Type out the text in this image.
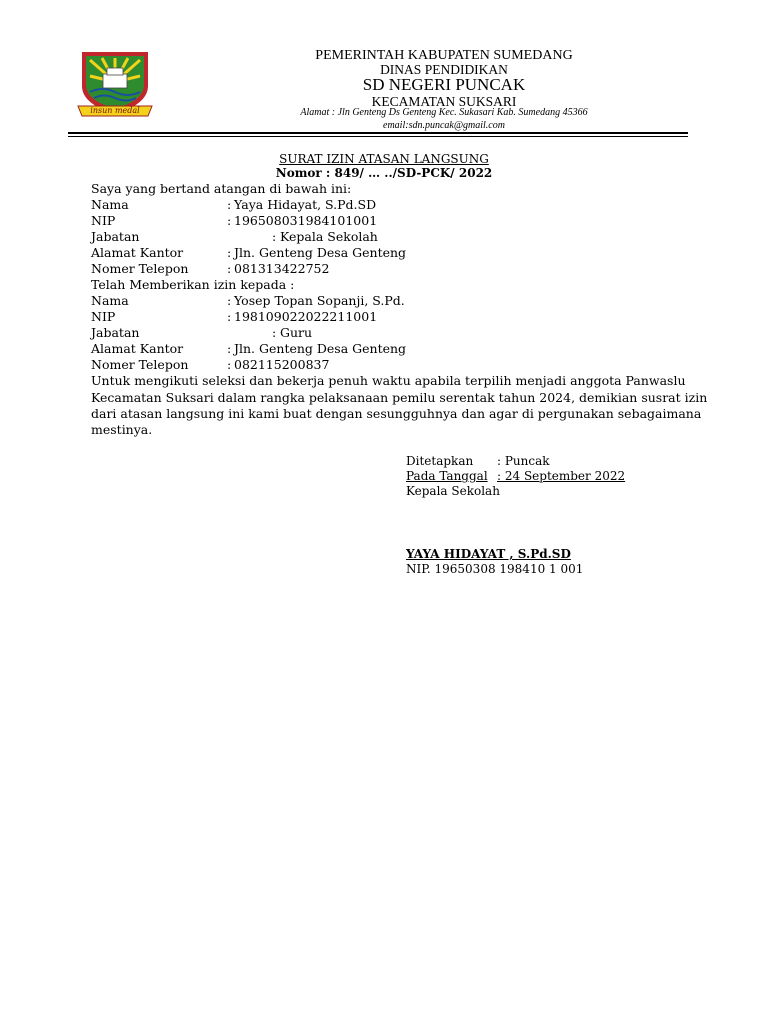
insun medal
PEMERINTAH KABUPATEN SUMEDANG
DINAS PENDIDIKAN
SD NEGERI PUNCAK
KECAMATAN SUKSARI
Alamat : Jln Genteng Ds Genteng Kec. Sukasari Kab. Sumedang 45366
email:sdn.puncak@gmail.com
SURAT IZIN ATASAN LANGSUNG
Nomor : 849/ … ../SD-PCK/ 2022
Saya yang bertand atangan di bawah ini:
Nama	: Yaya Hidayat, S.Pd.SD
NIP	: 196508031984101001
Jabatan	: Kepala Sekolah
Alamat Kantor	: Jln. Genteng Desa Genteng
Nomer Telepon	: 081313422752
Telah Memberikan izin kepada :
Nama	: Yosep Topan Sopanji, S.Pd.
NIP	: 198109022022211001
Jabatan	: Guru
Alamat Kantor	: Jln. Genteng Desa Genteng
Nomer Telepon	: 082115200837
Untuk mengikuti seleksi dan bekerja penuh waktu apabila terpilih menjadi anggota Panwaslu
Kecamatan Suksari dalam rangka pelaksanaan pemilu serentak tahun 2024, demikian susrat izin
dari atasan langsung ini kami buat dengan sesungguhnya dan agar di pergunakan sebagaimana
mestinya.
Ditetapkan : Puncak
Pada Tanggal : 24 September 2022
Kepala Sekolah
YAYA HIDAYAT , S.Pd.SD
NIP. 19650308 198410 1 001
